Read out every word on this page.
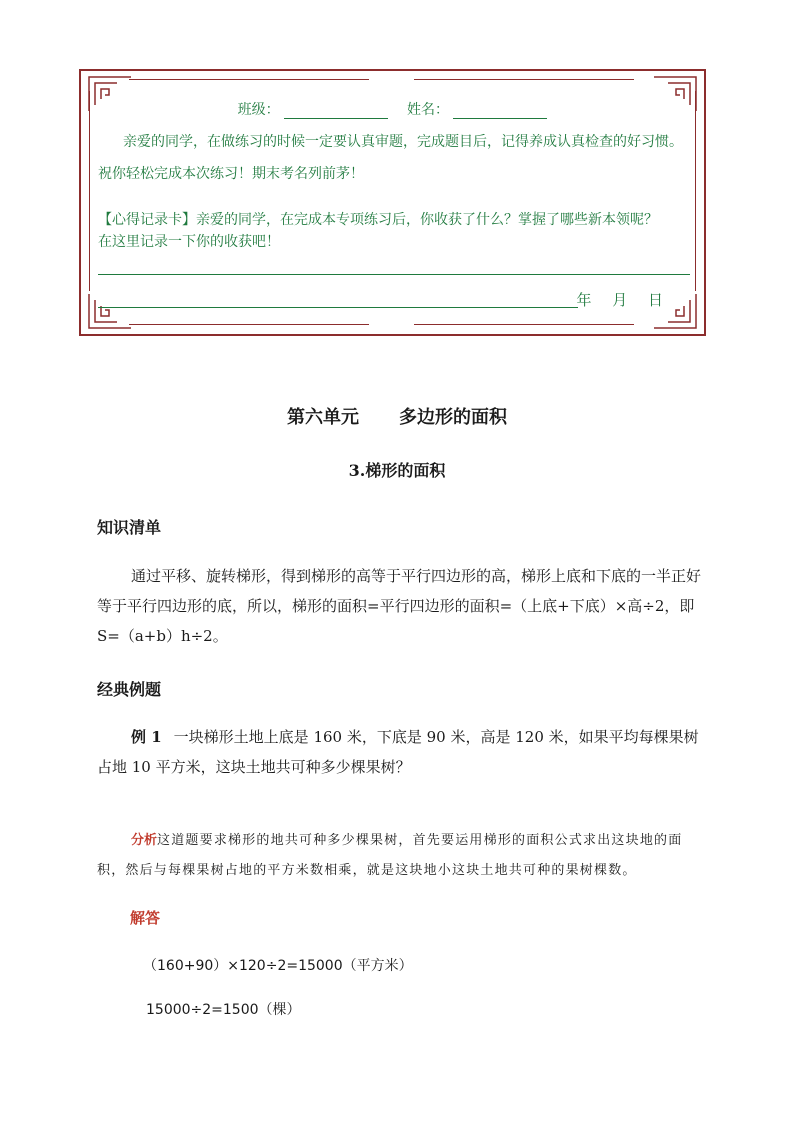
班级：	姓名：
亲爱的同学，在做练习的时候一定要认真审题，完成题目后，记得养成认真检查的好习惯。
祝你轻松完成本次练习！期末考名列前茅！
【心得记录卡】亲爱的同学，在完成本专项练习后，你收获了什么？掌握了哪些新本领呢？
在这里记录一下你的收获吧！
年 月 日
第六单元 多边形的面积
3.梯形的面积
知识清单

通过平移、旋转梯形，得到梯形的高等于平行四边形的高，梯形上底和下底的一半正好等于平行四边形的底，所以，梯形的面积=平行四边形的面积=（上底+下底）×高÷2，即 S=（a+b）h÷2。

经典例题

例 1 一块梯形土地上底是 160 米，下底是 90 米，高是 120 米，如果平均每棵果树占地 10 平方米，这块土地共可种多少棵果树？

分析这道题要求梯形的地共可种多少棵果树，首先要运用梯形的面积公式求出这块地的面积，然后与每棵果树占地的平方米数相乘，就是这块地小这块土地共可种的果树棵数。

解答
（160+90）×120÷2=15000（平方米）
15000÷2=1500（棵）
